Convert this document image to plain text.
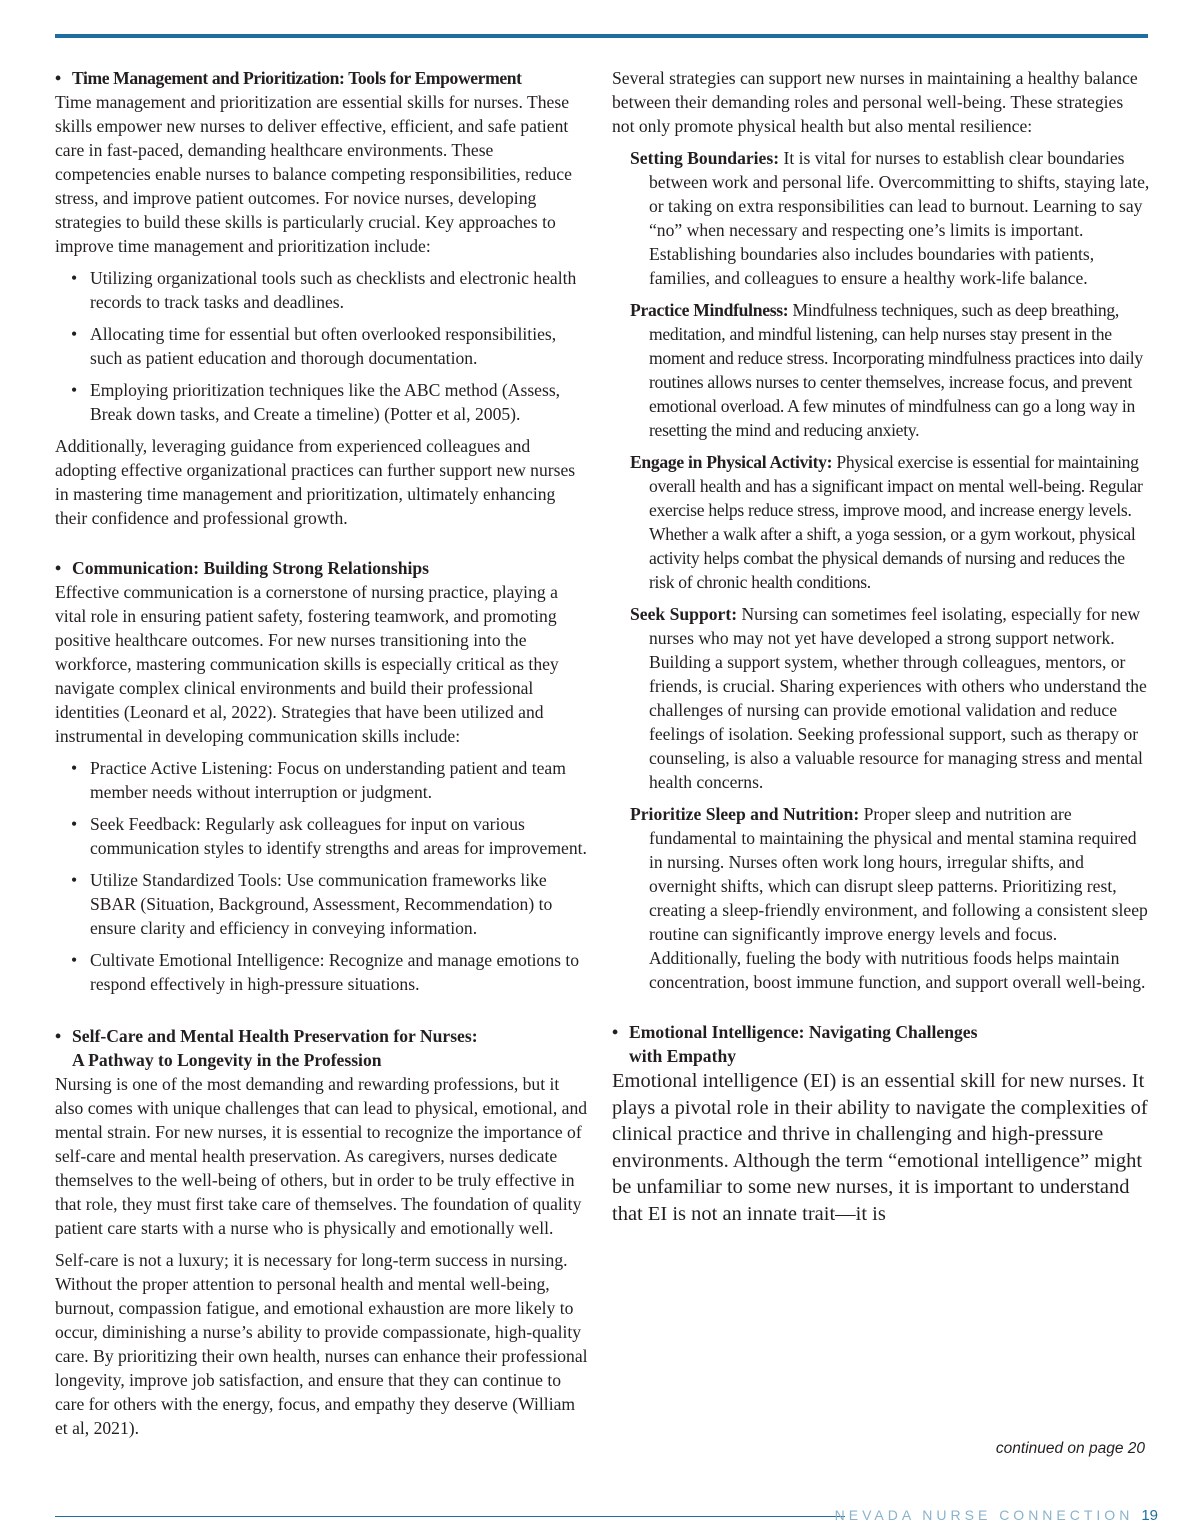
• Time Management and Prioritization: Tools for Empowerment

Time management and prioritization are essential skills for nurses. These skills empower new nurses to deliver effective, efficient, and safe patient care in fast-paced, demanding healthcare environments. These competencies enable nurses to balance competing responsibilities, reduce stress, and improve patient outcomes. For novice nurses, developing strategies to build these skills is particularly crucial. Key approaches to improve time management and prioritization include:

• Utilizing organizational tools such as checklists and electronic health records to track tasks and deadlines.
• Allocating time for essential but often overlooked responsibilities, such as patient education and thorough documentation.
• Employing prioritization techniques like the ABC method (Assess, Break down tasks, and Create a timeline) (Potter et al, 2005).

Additionally, leveraging guidance from experienced colleagues and adopting effective organizational practices can further support new nurses in mastering time management and prioritization, ultimately enhancing their confidence and professional growth.

• Communication: Building Strong Relationships

Effective communication is a cornerstone of nursing practice, playing a vital role in ensuring patient safety, fostering teamwork, and promoting positive healthcare outcomes. For new nurses transitioning into the workforce, mastering communication skills is especially critical as they navigate complex clinical environments and build their professional identities (Leonard et al, 2022). Strategies that have been utilized and instrumental in developing communication skills include:

• Practice Active Listening: Focus on understanding patient and team member needs without interruption or judgment.
• Seek Feedback: Regularly ask colleagues for input on various communication styles to identify strengths and areas for improvement.
• Utilize Standardized Tools: Use communication frameworks like SBAR (Situation, Background, Assessment, Recommendation) to ensure clarity and efficiency in conveying information.
• Cultivate Emotional Intelligence: Recognize and manage emotions to respond effectively in high-pressure situations.
• Self-Care and Mental Health Preservation for Nurses:
A Pathway to Longevity in the Profession

Nursing is one of the most demanding and rewarding professions, but it also comes with unique challenges that can lead to physical, emotional, and mental strain. For new nurses, it is essential to recognize the importance of self-care and mental health preservation. As caregivers, nurses dedicate themselves to the well-being of others, but in order to be truly effective in that role, they must first take care of themselves. The foundation of quality patient care starts with a nurse who is physically and emotionally well.

Self-care is not a luxury; it is necessary for long-term success in nursing. Without the proper attention to personal health and mental well-being, burnout, compassion fatigue, and emotional exhaustion are more likely to occur, diminishing a nurse’s ability to provide compassionate, high-quality care. By prioritizing their own health, nurses can enhance their professional longevity, improve job satisfaction, and ensure that they can continue to care for others with the energy, focus, and empathy they deserve (William et al, 2021).

Several strategies can support new nurses in maintaining a healthy balance between their demanding roles and personal well-being. These strategies not only promote physical health but also mental resilience:

Setting Boundaries: It is vital for nurses to establish clear boundaries between work and personal life. Overcommitting to shifts, staying late, or taking on extra responsibilities can lead to burnout. Learning to say “no” when necessary and respecting one’s limits is important. Establishing boundaries also includes boundaries with patients, families, and colleagues to ensure a healthy work-life balance.
Practice Mindfulness: Mindfulness techniques, such as deep breathing, meditation, and mindful listening, can help nurses stay present in the moment and reduce stress. Incorporating mindfulness practices into daily routines allows nurses to center themselves, increase focus, and prevent emotional overload. A few minutes of mindfulness can go a long way in resetting the mind and reducing anxiety.
Engage in Physical Activity: Physical exercise is essential for maintaining overall health and has a significant impact on mental well-being. Regular exercise helps reduce stress, improve mood, and increase energy levels. Whether a walk after a shift, a yoga session, or a gym workout, physical activity helps combat the physical demands of nursing and reduces the risk of chronic health conditions.
Seek Support: Nursing can sometimes feel isolating, especially for new nurses who may not yet have developed a strong support network. Building a support system, whether through colleagues, mentors, or friends, is crucial. Sharing experiences with others who understand the challenges of nursing can provide emotional validation and reduce feelings of isolation. Seeking professional support, such as therapy or counseling, is also a valuable resource for managing stress and mental health concerns.
Prioritize Sleep and Nutrition: Proper sleep and nutrition are fundamental to maintaining the physical and mental stamina required in nursing. Nurses often work long hours, irregular shifts, and overnight shifts, which can disrupt sleep patterns. Prioritizing rest, creating a sleep-friendly environment, and following a consistent sleep routine can significantly improve energy levels and focus. Additionally, fueling the body with nutritious foods helps maintain concentration, boost immune function, and support overall well-being.
• Emotional Intelligence: Navigating Challenges
with Empathy

Emotional intelligence (EI) is an essential skill for new nurses. It plays a pivotal role in their ability to navigate the complexities of clinical practice and thrive in challenging and high-pressure environments. Although the term “emotional intelligence” might be unfamiliar to some new nurses, it is important to understand that EI is not an innate trait—it is

continued on page 20
NEVADA NURSE CONNECTION 19
